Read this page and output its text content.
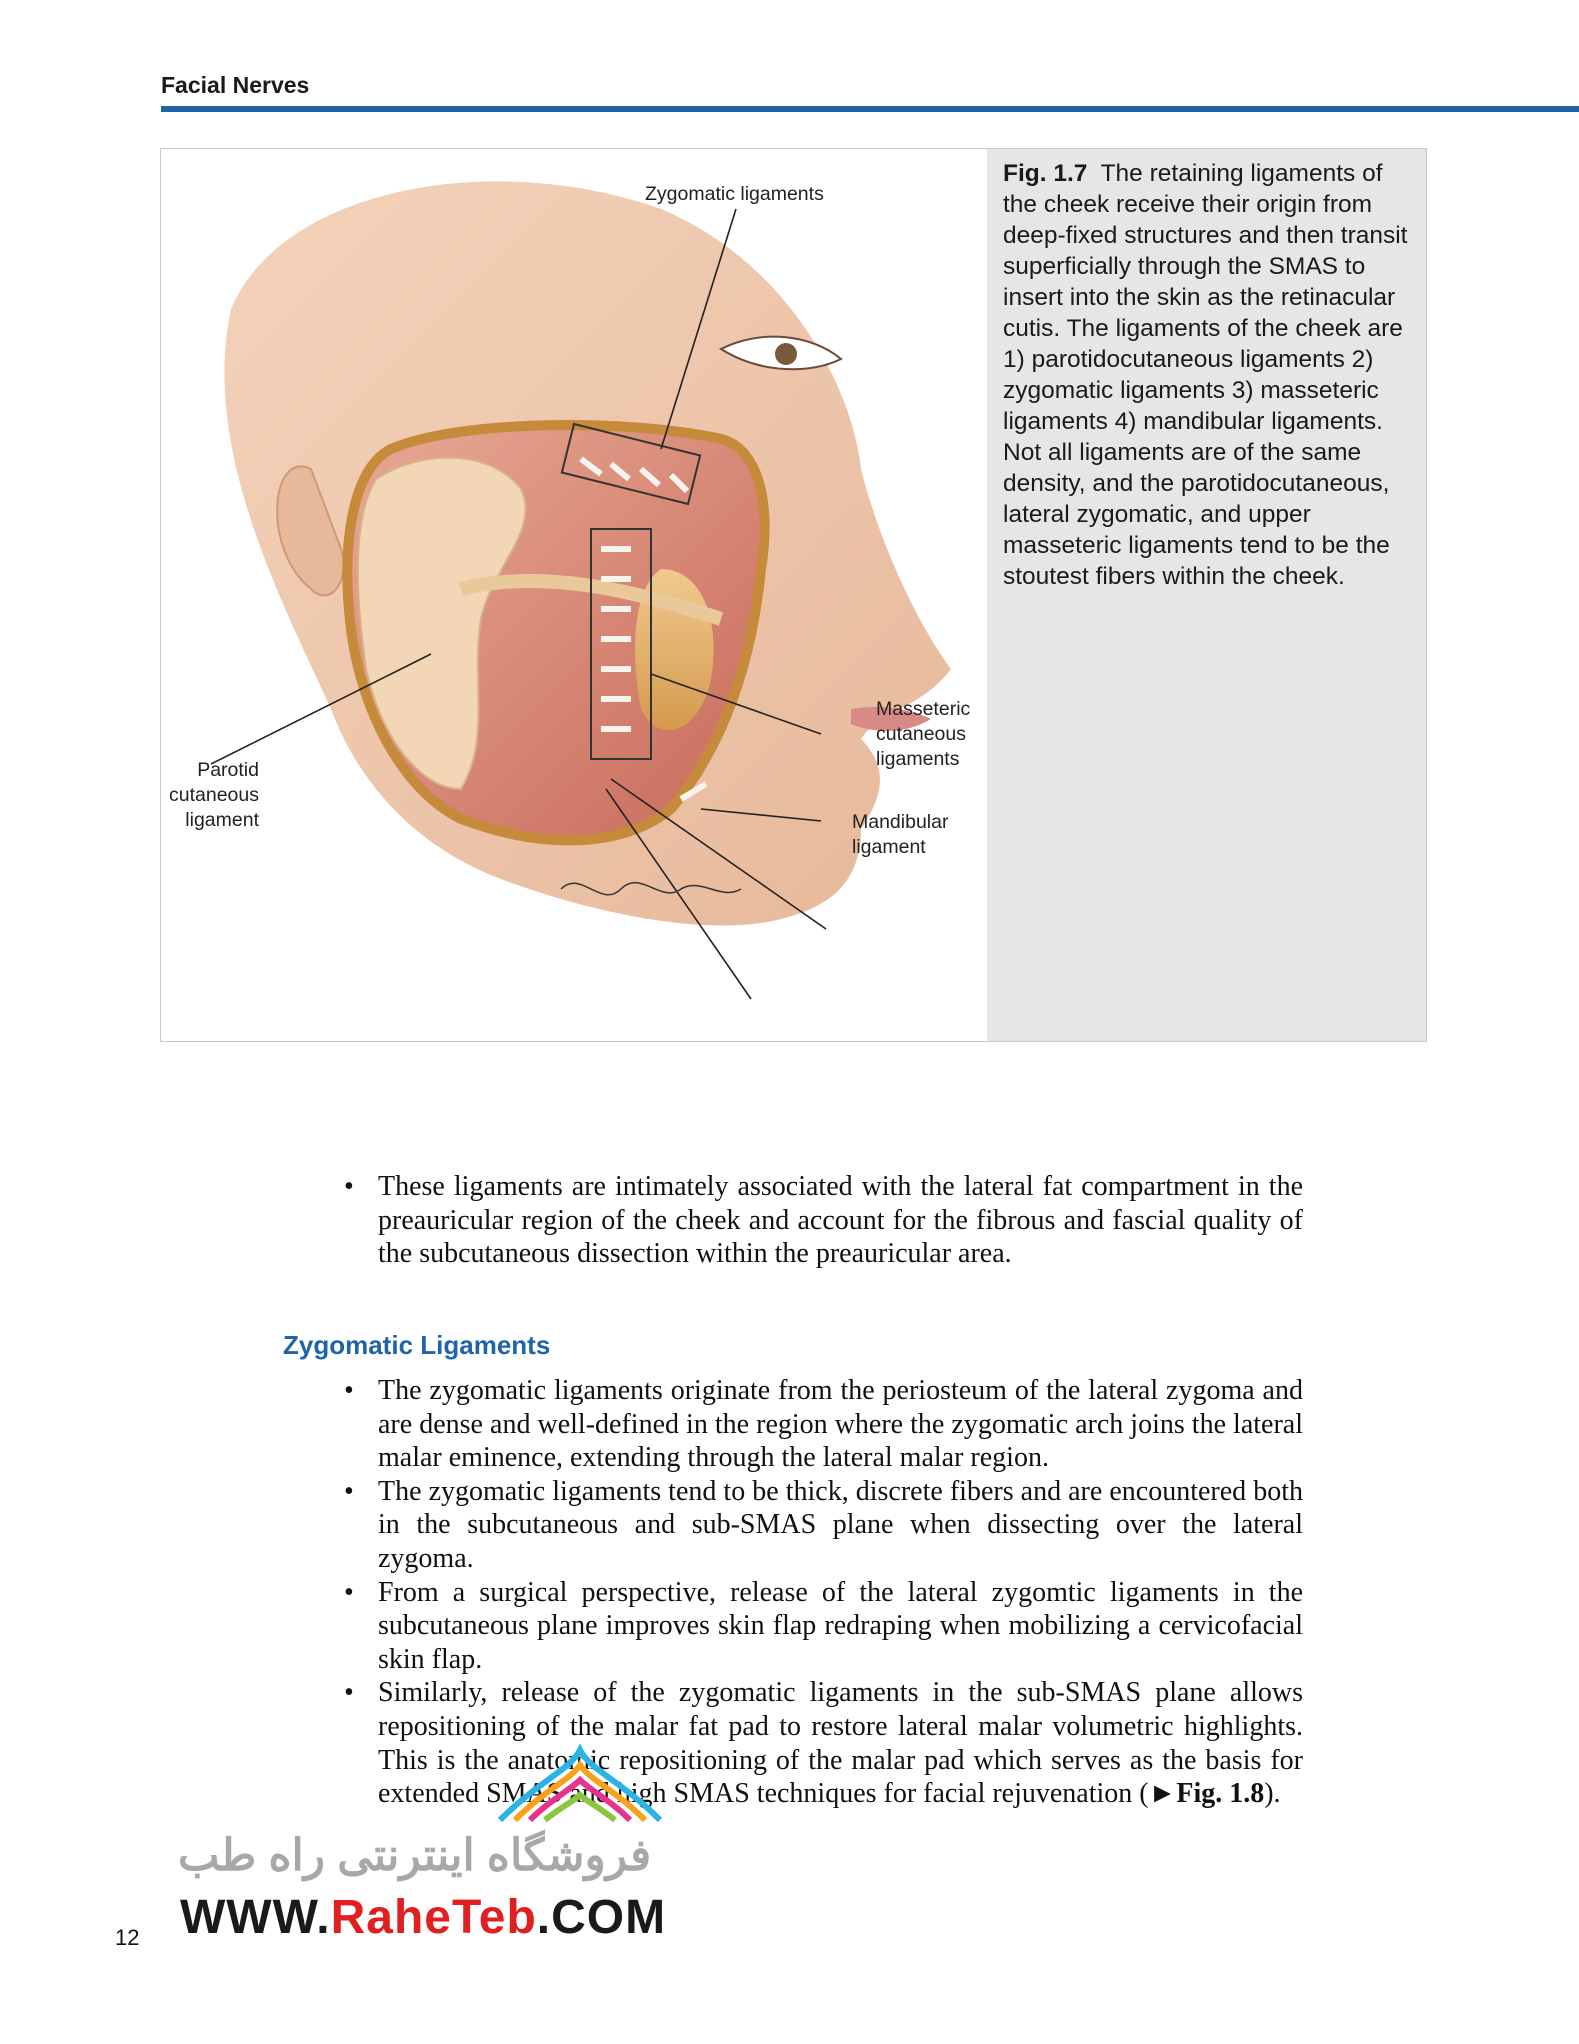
Facial Nerves
Zygomatic ligaments
Masseteric
cutaneous
ligaments
Parotid
cutaneous
ligament	Mandibular
ligament

Fig. 1.7 The retaining ligaments of the cheek receive their origin from deep-fixed structures and then transit superficially through the SMAS to insert into the skin as the retinacular cutis. The ligaments of the cheek are 1) parotidocutaneous ligaments 2) zygomatic ligaments 3) masseteric ligaments 4) mandibular ligaments.

Not all ligaments are of the same density, and the parotidocutaneous, lateral zygomatic, and upper masseteric ligaments tend to be the stoutest fibers within the cheek.

• These ligaments are intimately associated with the lateral fat compartment in the preauricular region of the cheek and account for the fibrous and fascial quality of the subcutaneous dissection within the preauricular area.
Zygomatic Ligaments
• The zygomatic ligaments originate from the periosteum of the lateral zygoma and are dense and well-defined in the region where the zygomatic arch joins the lateral malar eminence, extending through the lateral malar region.
• The zygomatic ligaments tend to be thick, discrete fibers and are encountered both in the subcutaneous and sub-SMAS plane when dissecting over the lateral zygoma.
• From a surgical perspective, release of the lateral zygomtic ligaments in the subcutaneous plane improves skin flap redraping when mobilizing a cervicofacial skin flap.
• Similarly, release of the zygomatic ligaments in the sub-SMAS plane allows repositioning of the malar fat pad to restore lateral malar volumetric highlights. This is the anatomic repositioning of the malar pad which serves as the basis for extended SMAS and high SMAS techniques for facial rejuvenation (►Fig. 1.8).
فروشگاه اینترنتی راه طب
WWW.RaheTeb.COM
12
